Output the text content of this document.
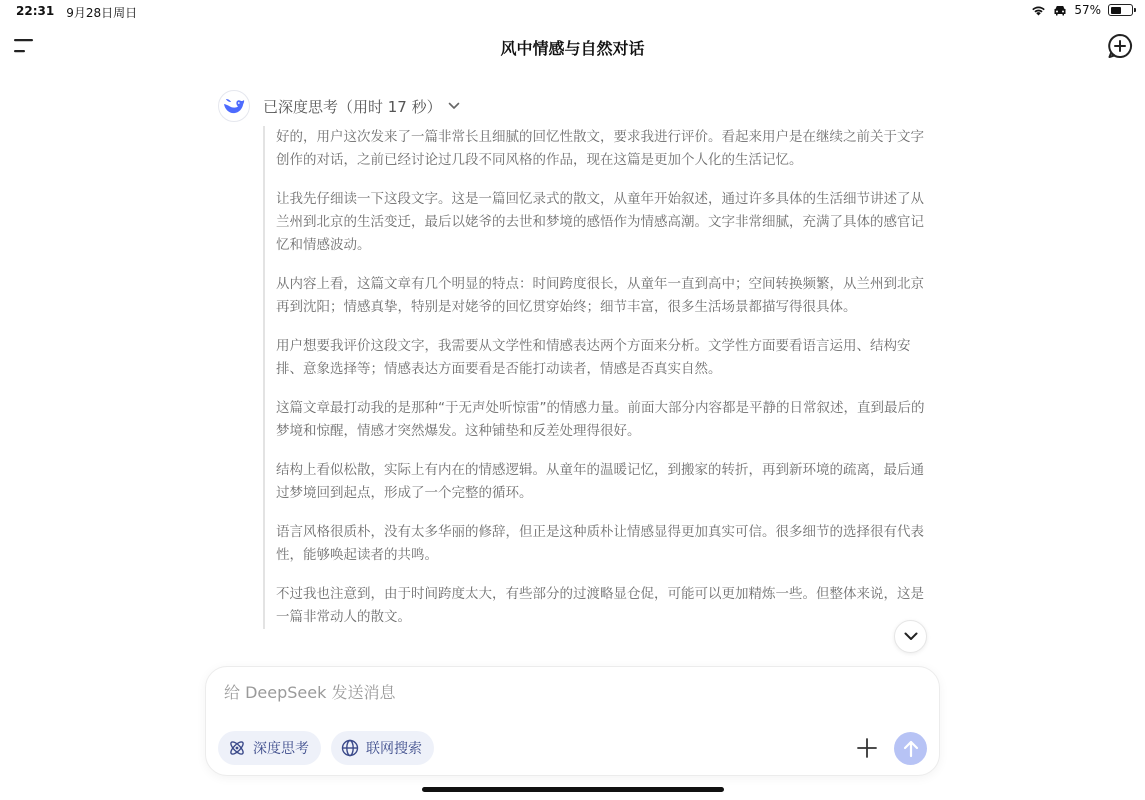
22:31 9月28日周日	57%
风中情感与自然对话
已深度思考（用时 17 秒）

好的，用户这次发来了一篇非常长且细腻的回忆性散文，要求我进行评价。看起来用户是在继续之前关于文字创作的对话，之前已经讨论过几段不同风格的作品，现在这篇是更加个人化的生活记忆。

让我先仔细读一下这段文字。这是一篇回忆录式的散文，从童年开始叙述，通过许多具体的生活细节讲述了从兰州到北京的生活变迁，最后以姥爷的去世和梦境的感悟作为情感高潮。文字非常细腻，充满了具体的感官记忆和情感波动。

从内容上看，这篇文章有几个明显的特点：时间跨度很长，从童年一直到高中；空间转换频繁，从兰州到北京再到沈阳；情感真挚，特别是对姥爷的回忆贯穿始终；细节丰富，很多生活场景都描写得很具体。

用户想要我评价这段文字，我需要从文学性和情感表达两个方面来分析。文学性方面要看语言运用、结构安排、意象选择等；情感表达方面要看是否能打动读者，情感是否真实自然。

这篇文章最打动我的是那种“于无声处听惊雷”的情感力量。前面大部分内容都是平静的日常叙述，直到最后的梦境和惊醒，情感才突然爆发。这种铺垫和反差处理得很好。

结构上看似松散，实际上有内在的情感逻辑。从童年的温暖记忆，到搬家的转折，再到新环境的疏离，最后通过梦境回到起点，形成了一个完整的循环。

语言风格很质朴，没有太多华丽的修辞，但正是这种质朴让情感显得更加真实可信。很多细节的选择很有代表性，能够唤起读者的共鸣。

不过我也注意到，由于时间跨度太大，有些部分的过渡略显仓促，可能可以更加精炼一些。但整体来说，这是一篇非常动人的散文。

给 DeepSeek 发送消息
深度思考	联网搜索
